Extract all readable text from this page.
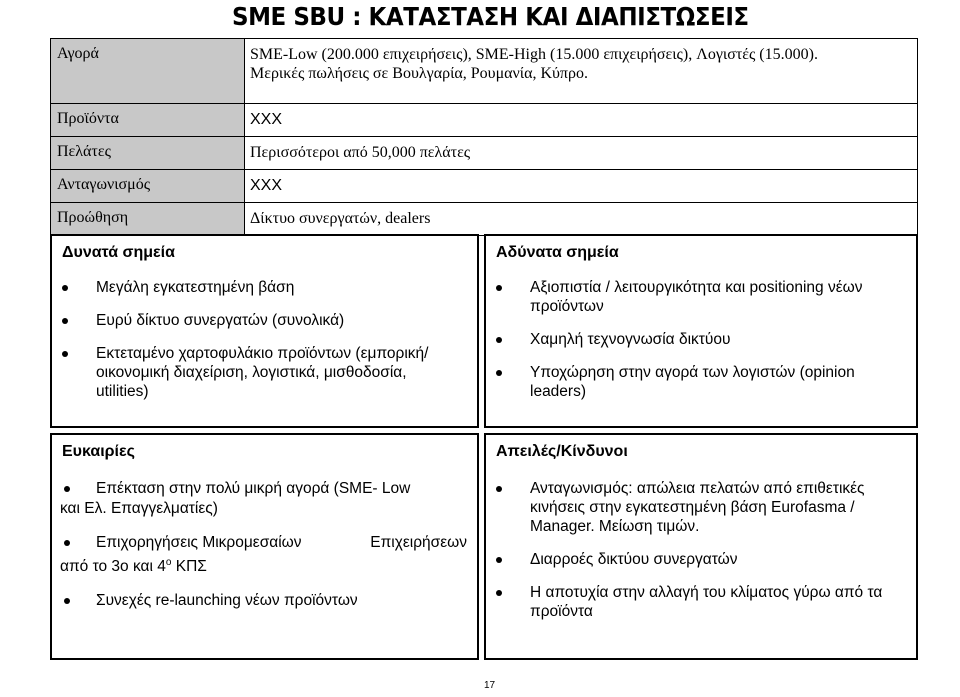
SME SBU : ΚΑΤΑΣΤΑΣΗ ΚΑΙ ΔΙΑΠΙΣΤΩΣΕΙΣ
Αγορά	SME-Low (200.000 επιχειρήσεις), SME-High (15.000 επιχειρήσεις), Λογιστές (15.000).
Μερικές πωλήσεις σε Βουλγαρία, Ρουμανία, Κύπρο.

Προϊόντα	XXX
Πελάτες	Περισσότεροι από 50,000 πελάτες
Ανταγωνισμός	XXX
Προώθηση	Δίκτυο συνεργατών, dealers
Δυνατά σημεία
Μεγάλη εγκατεστημένη βάση
Ευρύ δίκτυο συνεργατών (συνολικά)
Εκτεταμένο χαρτοφυλάκιο προϊόντων (εμπορική/οικονομική διαχείριση, λογιστικά, μισθοδοσία, utilities)
Αδύνατα σημεία
Αξιοπιστία / λειτουργικότητα και positioning νέων προϊόντων
Χαμηλή τεχνογνωσία δικτύου
Υποχώρηση στην αγορά των λογιστών (opinion leaders)
Ευκαιρίες
Επέκταση στην πολύ μικρή αγορά (SME- Low
και Ελ. Επαγγελματίες)
Επιχορηγήσεις Μικρομεσαίων	Επιχειρήσεων
από το 3ο και $4^o$ ΚΠΣ
Συνεχές re-launching νέων προϊόντων
Απειλές/Κίνδυνοι
Ανταγωνισμός: απώλεια πελατών από επιθετικές κινήσεις στην εγκατεστημένη βάση Eurofasma / Manager. Μείωση τιμών.
Διαρροές δικτύου συνεργατών
Η αποτυχία στην αλλαγή του κλίματος γύρω από τα προϊόντα
17
